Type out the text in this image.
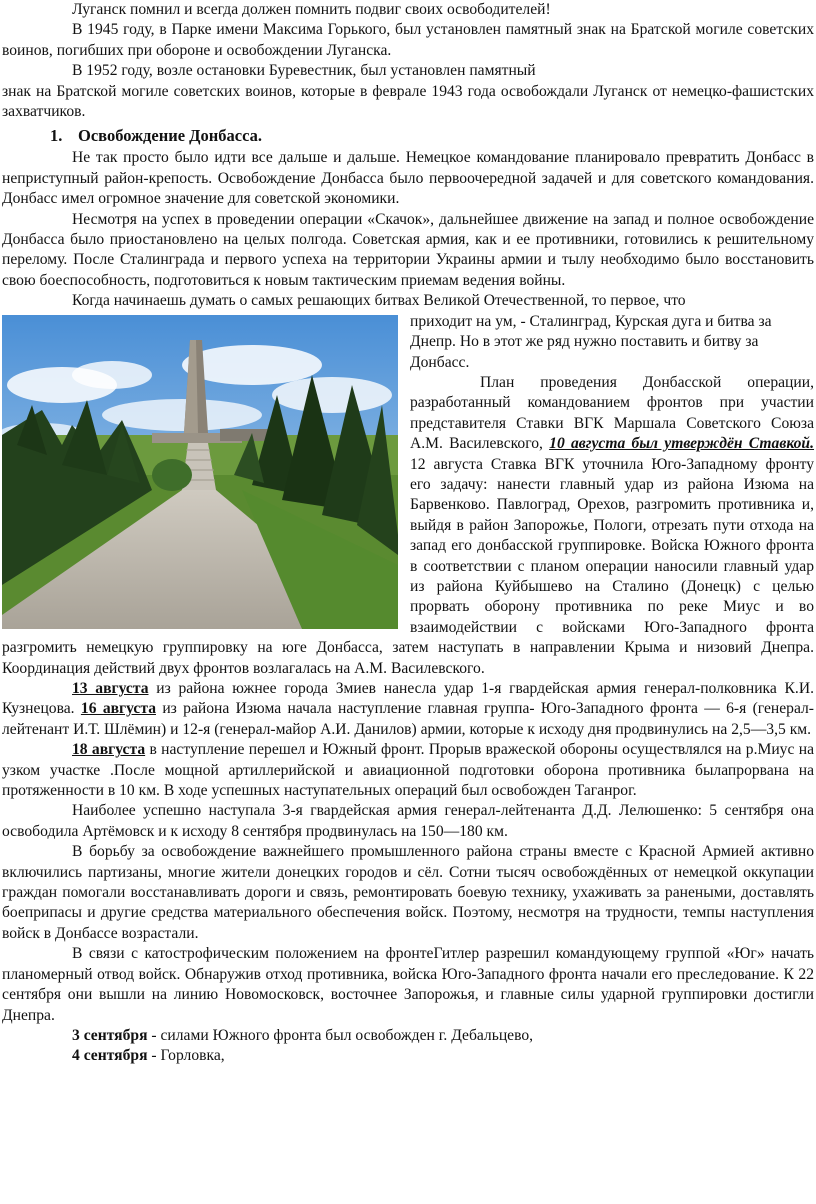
Луганск помнил и всегда должен помнить подвиг своих освободителей!

В 1945 году, в Парке имени Максима Горького, был установлен памятный знак на Братской могиле советских воинов, погибших при обороне и освобождении Луганска.

В 1952 году, возле остановки Буревестник, был установлен памятный

знак на Братской могиле советских воинов, которые в феврале 1943 года освобождали Луганск от немецко-фашистских захватчиков.

1. Освобождение Донбасса.

Не так просто было идти все дальше и дальше. Немецкое командование планировало превратить Донбасс в неприступный район-крепость. Освобождение Донбасса было первоочередной задачей и для советского командования. Донбасс имел огромное значение для советской экономики.

Несмотря на успех в проведении операции «Скачок», дальнейшее движение на запад и полное освобождение Донбасса было приостановлено на целых полгода. Советская армия, как и ее противники, готовились к решительному перелому. После Сталинграда и первого успеха на территории Украины армии и тылу необходимо было восстановить свою боеспособность, подготовиться к новым тактическим приемам ведения войны.

Когда начинаешь думать о самых решающих битвах Великой Отечественной, то первое, что

приходит на ум, - Сталинград, Курская дуга и битва за Днепр. Но в этот же ряд нужно поставить и битву за Донбасс.

План проведения Донбасской операции, разработанный командованием фронтов при участии представителя Ставки ВГК Маршала Советского Союза А.М. Василевского, 10 августа был утверждён Ставкой. 12 августа Ставка ВГК уточнила Юго-Западному фронту его задачу: нанести главный удар из района Изюма на Барвенково. Павлоград, Орехов, разгромить противника и, выйдя в район Запорожье, Пологи, отрезать пути отхода на запад его донбасской группировке. Войска Южного фронта в соответствии с планом операции наносили главный удар из района Куйбышево на Сталино (Донецк) с целью прорвать оборону противника по реке Миус и во взаимодействии с войсками Юго-Западного фронта разгромить немецкую группировку на юге Донбасса, затем наступать в направлении Крыма и низовий Днепра. Координация действий двух фронтов возлагалась на А.М. Василевского.

13 августа из района южнее города Змиев нанесла удар 1-я гвардейская армия генерал-полковника К.И. Кузнецова. 16 августа из района Изюма начала наступление главная группа- Юго-Западного фронта — 6-я (генерал-лейтенант И.Т. Шлёмин) и 12-я (генерал-майор А.И. Данилов) армии, которые к исходу дня продвинулись на 2,5—3,5 км.

18 августа в наступление перешел и Южный фронт. Прорыв вражеской обороны осуществлялся на р.Миус на узком участке .После мощной артиллерийской и авиационной подготовки оборона противника былапрорвана на протяженности в 10 км. В ходе успешных наступательных операций был освобожден Таганрог.

Наиболее успешно наступала 3-я гвардейская армия генерал-лейтенанта Д.Д. Лелюшенко: 5 сентября она освободила Артёмовск и к исходу 8 сентября продвинулась на 150—180 км.

В борьбу за освобождение важнейшего промышленного района страны вместе с Красной Армией активно включились партизаны, многие жители донецких городов и сёл. Сотни тысяч освобождённых от немецкой оккупации граждан помогали восстанавливать дороги и связь, ремонтировать боевую технику, ухаживать за ранеными, доставлять боеприпасы и другие средства материального обеспечения войск. Поэтому, несмотря на трудности, темпы наступления войск в Донбассе возрастали.

В связи с катострофическим положением на фронтеГитлер разрешил командующему группой «Юг» начать планомерный отвод войск. Обнаружив отход противника, войска Юго-Западного фронта начали его преследование. К 22 сентября они вышли на линию Новомосковск, восточнее Запорожья, и главные силы ударной группировки достигли Днепра.

3 сентября - силами Южного фронта был освобожден г. Дебальцево,

4 сентября - Горловка,
